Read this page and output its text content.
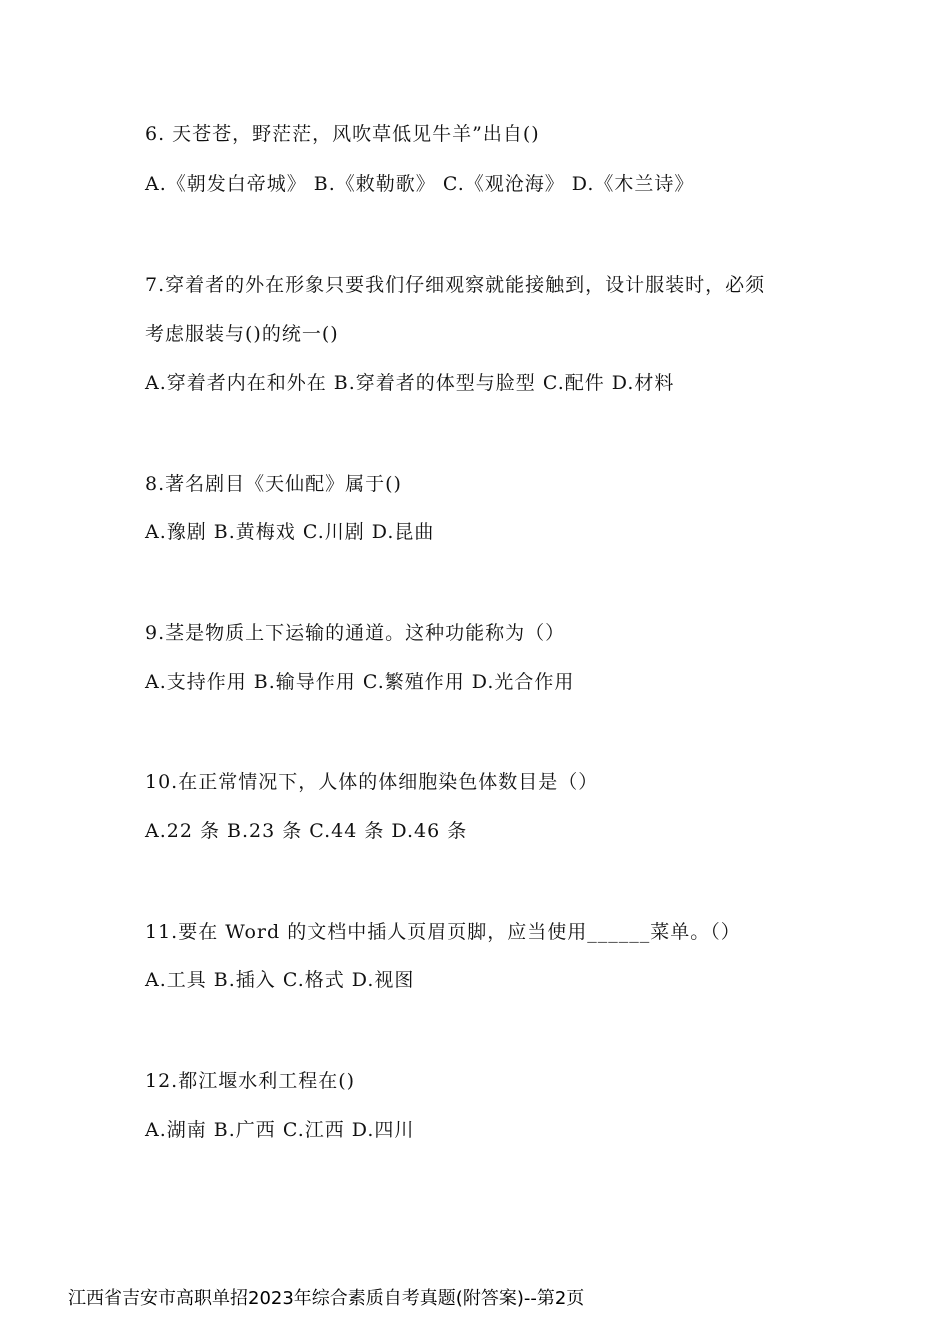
6. 天苍苍，野茫茫，风吹草低见牛羊”出自()
A.《朝发白帝城》 B.《敕勒歌》 C.《观沧海》 D.《木兰诗》
7.穿着者的外在形象只要我们仔细观察就能接触到，设计服装时，必须
考虑服装与()的统一()
A.穿着者内在和外在 B.穿着者的体型与脸型 C.配件 D.材料
8.著名剧目《天仙配》属于()
A.豫剧 B.黄梅戏 C.川剧 D.昆曲
9.茎是物质上下运输的通道。这种功能称为（）
A.支持作用 B.输导作用 C.繁殖作用 D.光合作用
10.在正常情况下，人体的体细胞染色体数目是（）
A.22 条 B.23 条 C.44 条 D.46 条
11.要在 Word 的文档中插人页眉页脚，应当使用______菜单。（）
A.工具 B.插入 C.格式 D.视图
12.都江堰水利工程在()
A.湖南 B.广西 C.江西 D.四川
江西省吉安市高职单招2023年综合素质自考真题(附答案)--第2页
